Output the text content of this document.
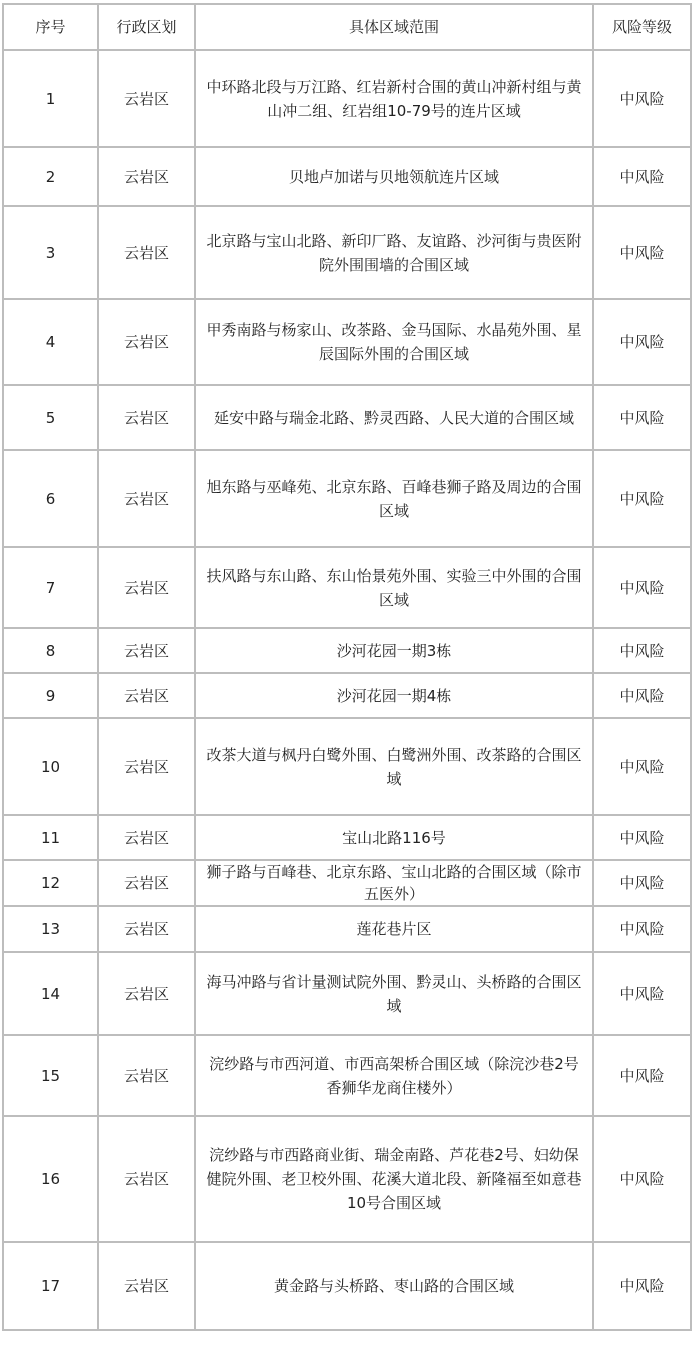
序号	行政区划	具体区域范围	风险等级
1	云岩区	中环路北段与万江路、红岩新村合围的黄山冲新村组与黄山冲二组、红岩组10-79号的连片区域	中风险
2	云岩区	贝地卢加诺与贝地领航连片区域	中风险
3	云岩区	北京路与宝山北路、新印厂路、友谊路、沙河街与贵医附院外围围墙的合围区域	中风险
4	云岩区	甲秀南路与杨家山、改茶路、金马国际、水晶苑外围、星辰国际外围的合围区域	中风险
5	云岩区	延安中路与瑞金北路、黔灵西路、人民大道的合围区域	中风险
6	云岩区	旭东路与巫峰苑、北京东路、百峰巷狮子路及周边的合围区域	中风险
7	云岩区	扶风路与东山路、东山怡景苑外围、实验三中外围的合围区域	中风险
8	云岩区	沙河花园一期3栋	中风险
9	云岩区	沙河花园一期4栋	中风险
10	云岩区	改茶大道与枫丹白鹭外围、白鹭洲外围、改茶路的合围区域	中风险
11	云岩区	宝山北路116号	中风险
12	云岩区	狮子路与百峰巷、北京东路、宝山北路的合围区域（除市五医外）	中风险
13	云岩区	莲花巷片区	中风险
14	云岩区	海马冲路与省计量测试院外围、黔灵山、头桥路的合围区域	中风险
15	云岩区	浣纱路与市西河道、市西高架桥合围区域（除浣沙巷2号香狮华龙商住楼外）	中风险
16	云岩区	浣纱路与市西路商业街、瑞金南路、芦花巷2号、妇幼保健院外围、老卫校外围、花溪大道北段、新隆福至如意巷10号合围区域	中风险
17	云岩区	黄金路与头桥路、枣山路的合围区域	中风险
